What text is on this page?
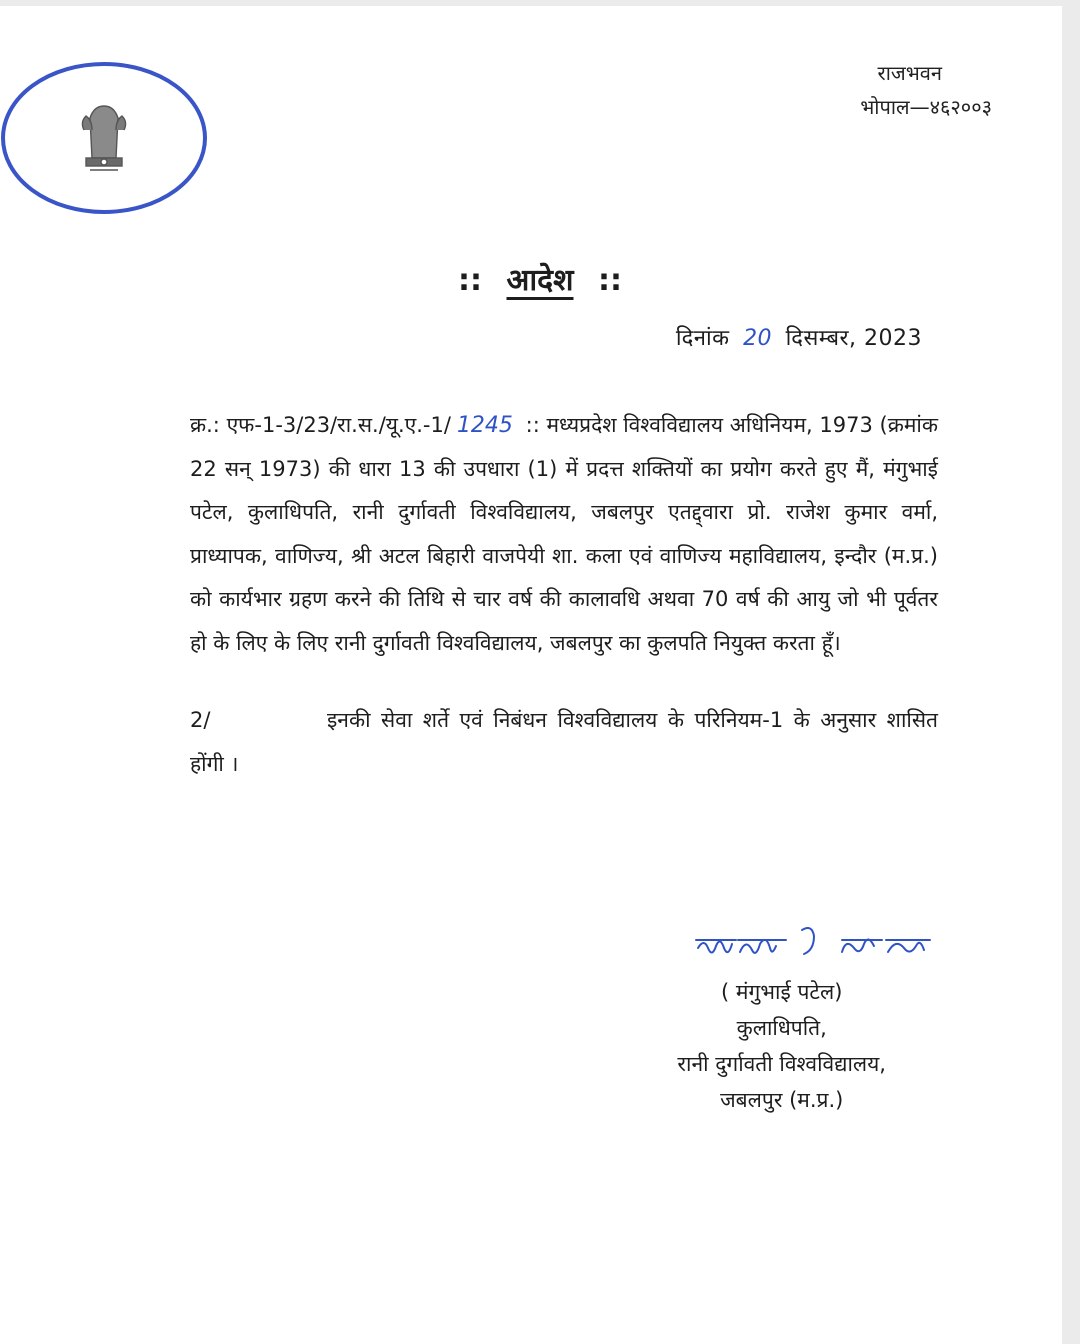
राजभवन
भोपाल—४६२००३
:: आदेश ::
दिनांक 20 दिसम्बर, 2023

क्र.: एफ-1-3/23/रा.स./यू.ए.-1/ 1245 :: मध्यप्रदेश विश्वविद्यालय अधिनियम, 1973 (क्रमांक 22 सन् 1973) की धारा 13 की उपधारा (1) में प्रदत्त शक्तियों का प्रयोग करते हुए मैं, मंगुभाई पटेल, कुलाधिपति, रानी दुर्गावती विश्वविद्यालय, जबलपुर एतद्द्वारा प्रो. राजेश कुमार वर्मा, प्राध्यापक, वाणिज्य, श्री अटल बिहारी वाजपेयी शा. कला एवं वाणिज्य महाविद्यालय, इन्दौर (म.प्र.) को कार्यभार ग्रहण करने की तिथि से चार वर्ष की कालावधि अथवा 70 वर्ष की आयु जो भी पूर्वतर हो के लिए के लिए रानी दुर्गावती विश्वविद्यालय, जबलपुर का कुलपति नियुक्त करता हूँ।

2/	इनकी सेवा शर्ते एवं निबंधन विश्वविद्यालय के परिनियम-1 के अनुसार शासित होंगी ।

( मंगुभाई पटेल)
कुलाधिपति,
रानी दुर्गावती विश्वविद्यालय,
जबलपुर (म.प्र.)
